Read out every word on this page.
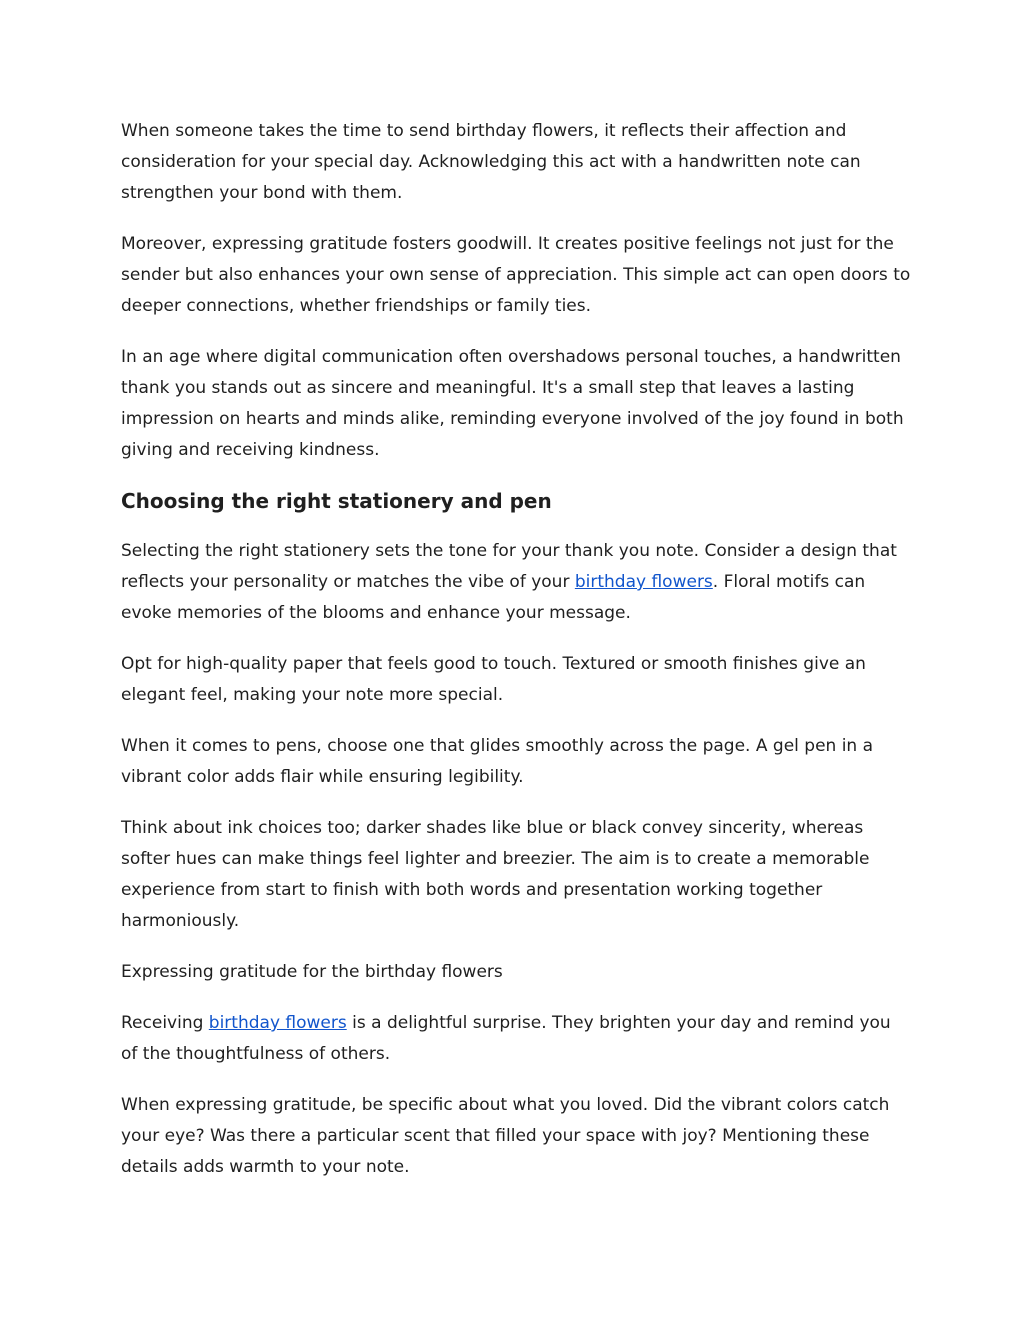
When someone takes the time to send birthday flowers, it reflects their affection and consideration for your special day. Acknowledging this act with a handwritten note can strengthen your bond with them.

Moreover, expressing gratitude fosters goodwill. It creates positive feelings not just for the sender but also enhances your own sense of appreciation. This simple act can open doors to deeper connections, whether friendships or family ties.

In an age where digital communication often overshadows personal touches, a handwritten thank you stands out as sincere and meaningful. It's a small step that leaves a lasting impression on hearts and minds alike, reminding everyone involved of the joy found in both giving and receiving kindness.

Choosing the right stationery and pen

Selecting the right stationery sets the tone for your thank you note. Consider a design that reflects your personality or matches the vibe of your birthday flowers. Floral motifs can evoke memories of the blooms and enhance your message.

Opt for high-quality paper that feels good to touch. Textured or smooth finishes give an elegant feel, making your note more special.

When it comes to pens, choose one that glides smoothly across the page. A gel pen in a vibrant color adds flair while ensuring legibility.

Think about ink choices too; darker shades like blue or black convey sincerity, whereas softer hues can make things feel lighter and breezier. The aim is to create a memorable experience from start to finish with both words and presentation working together harmoniously.

Expressing gratitude for the birthday flowers

Receiving birthday flowers is a delightful surprise. They brighten your day and remind you of the thoughtfulness of others.

When expressing gratitude, be specific about what you loved. Did the vibrant colors catch your eye? Was there a particular scent that filled your space with joy? Mentioning these details adds warmth to your note.
